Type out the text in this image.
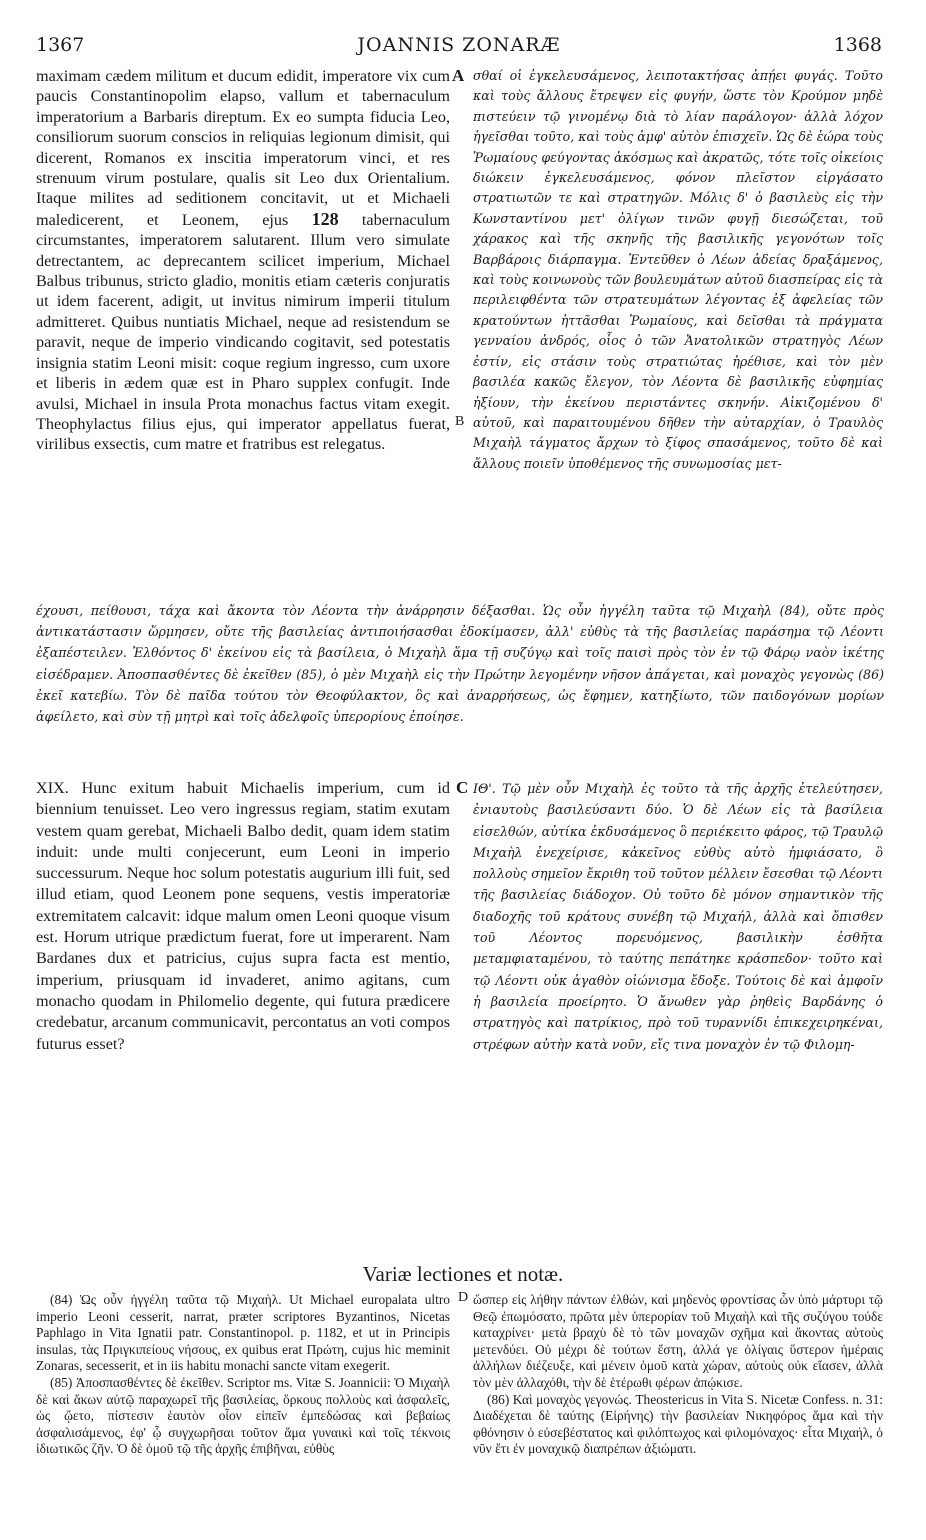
1367	JOANNIS ZONARÆ	1368
maximam cædem militum et ducum edidit, imperatore vix cum paucis Constantinopolim elapso, vallum et tabernaculum imperatorium a Barbaris direptum. Ex eo sumpta fiducia Leo, consiliorum suorum conscios in reliquias legionum dimisit, qui dicerent, Romanos ex inscitia imperatorum vinci, et res strenuum virum postulare, qualis sit Leo dux Orientalium. Itaque milites ad seditionem concitavit, ut et Michaeli maledicerent, et Leonem, ejus 128 tabernaculum circumstantes, imperatorem salutarent. Illum vero simulate detrectantem, ac deprecantem scilicet imperium, Michael Balbus tribunus, stricto gladio, monitis etiam cæteris conjuratis ut idem facerent, adigit, ut invitus nimirum imperii titulum admitteret. Quibus nuntiatis Michael, neque ad resistendum se paravit, neque de imperio vindicando cogitavit, sed potestatis insignia statim Leoni misit: coque regium ingresso, cum uxore et liberis in ædem quæ est in Pharo supplex confugit. Inde avulsi, Michael in insula Prota monachus factus vitam exegit. Theophylactus filius ejus, qui imperator appellatus fuerat, virilibus exsectis, cum matre et fratribus est relegatus.
A
B
C
D
σθαί οἱ ἐγκελευσάμενος, λειποτακτήσας ἀπῄει φυγάς. Τοῦτο καὶ τοὺς ἄλλους ἔτρεψεν εἰς φυγήν, ὥστε τὸν Κρούμον μηδὲ πιστεύειν τῷ γινομένῳ διὰ τὸ λίαν παράλογον· ἀλλὰ λόχον ἡγεῖσθαι τοῦτο, καὶ τοὺς ἀμφ' αὐτὸν ἐπισχεῖν. Ὡς δὲ ἑώρα τοὺς Ῥωμαίους φεύγοντας ἀκόσμως καὶ ἀκρατῶς, τότε τοῖς οἰκείοις διώκειν ἐγκελευσάμενος, φόνον πλεῖστον εἰργάσατο στρατιωτῶν τε καὶ στρατηγῶν. Μόλις δ' ὁ βασιλεὺς εἰς τὴν Κωνσταντίνου μετ' ὀλίγων τινῶν φυγῇ διεσώζεται, τοῦ χάρακος καὶ τῆς σκηνῆς τῆς βασιλικῆς γεγονότων τοῖς Βαρβάροις διάρπαγμα. Ἐντεῦθεν ὁ Λέων ἀδείας δραξάμενος, καὶ τοὺς κοινωνοὺς τῶν βουλευμάτων αὐτοῦ διασπείρας εἰς τὰ περιλειφθέντα τῶν στρατευμάτων λέγοντας ἐξ ἀφελείας τῶν κρατούντων ἡττᾶσθαι Ῥωμαίους, καὶ δεῖσθαι τὰ πράγματα γενναίου ἀνδρός, οἷος ὁ τῶν Ἀνατολικῶν στρατηγὸς Λέων ἐστίν, εἰς στάσιν τοὺς στρατιώτας ἠρέθισε, καὶ τὸν μὲν βασιλέα κακῶς ἔλεγον, τὸν Λέοντα δὲ βασιλικῆς εὐφημίας ἠξίουν, τὴν ἐκείνου περιστάντες σκηνήν. Αἰκιζομένου δ' αὐτοῦ, καὶ παραιτουμένου δῆθεν τὴν αὐταρχίαν, ὁ Τραυλὸς Μιχαὴλ τάγματος ἄρχων τὸ ξίφος σπασάμενος, τοῦτο δὲ καὶ ἄλλους ποιεῖν ὑποθέμενος τῆς συνωμοσίας μετ-
έχουσι, πείθουσι, τάχα καὶ ἄκοντα τὸν Λέοντα τὴν ἀνάρρησιν δέξασθαι. Ὡς οὖν ἠγγέλη ταῦτα τῷ Μιχαὴλ (84), οὔτε πρὸς ἀντικατάστασιν ὥρμησεν, οὔτε τῆς βασιλείας ἀντιποιήσασθαι ἐδοκίμασεν, ἀλλ' εὐθὺς τὰ τῆς βασιλείας παράσημα τῷ Λέοντι ἐξαπέστειλεν. Ἐλθόντος δ' ἐκείνου εἰς τὰ βασίλεια, ὁ Μιχαὴλ ἅμα τῇ συζύγῳ καὶ τοῖς παισὶ πρὸς τὸν ἐν τῷ Φάρῳ ναὸν ἱκέτης εἰσέδραμεν. Ἀποσπασθέντες δὲ ἐκεῖθεν (85), ὁ μὲν Μιχαὴλ εἰς τὴν Πρώτην λεγομένην νῆσον ἀπάγεται, καὶ μοναχὸς γεγονὼς (86) ἐκεῖ κατεβίω. Τὸν δὲ παῖδα τούτου τὸν Θεοφύλακτον, ὃς καὶ ἀναρρήσεως, ὡς ἔφημεν, κατηξίωτο, τῶν παιδογόνων μορίων ἀφείλετο, καὶ σὺν τῇ μητρὶ καὶ τοῖς ἀδελφοῖς ὑπερορίους ἐποίησε.
XIX. Hunc exitum habuit Michaelis imperium, cum id biennium tenuisset. Leo vero ingressus regiam, statim exutam vestem quam gerebat, Michaeli Balbo dedit, quam idem statim induit: unde multi conjecerunt, eum Leoni in imperio successurum. Neque hoc solum potestatis augurium illi fuit, sed illud etiam, quod Leonem pone sequens, vestis imperatoriæ extremitatem calcavit: idque malum omen Leoni quoque visum est. Horum utrique prædictum fuerat, fore ut imperarent. Nam Bardanes dux et patricius, cujus supra facta est mentio, imperium, priusquam id invaderet, animo agitans, cum monacho quodam in Philomelio degente, qui futura prædicere credebatur, arcanum communicavit, percontatus an voti compos futurus esset?
ΙΘ'. Τῷ μὲν οὖν Μιχαὴλ ἐς τοῦτο τὰ τῆς ἀρχῆς ἐτελεύτησεν, ἐνιαυτοὺς βασιλεύσαντι δύο. Ὁ δὲ Λέων εἰς τὰ βασίλεια εἰσελθών, αὐτίκα ἐκδυσάμενος ὃ περιέκειτο φάρος, τῷ Τραυλῷ Μιχαὴλ ἐνεχείρισε, κἀκεῖνος εὐθὺς αὐτὸ ἠμφιάσατο, ὃ πολλοὺς σημεῖον ἔκριθη τοῦ τοῦτον μέλλειν ἔσεσθαι τῷ Λέοντι τῆς βασιλείας διάδοχον. Οὐ τοῦτο δὲ μόνον σημαντικὸν τῆς διαδοχῆς τοῦ κράτους συνέβη τῷ Μιχαήλ, ἀλλὰ καὶ ὄπισθεν τοῦ Λέοντος πορευόμενος, βασιλικὴν ἐσθῆτα μεταμφιαταμένου, τὸ ταύτης πεπάτηκε κράσπεδον· τοῦτο καὶ τῷ Λέοντι οὐκ ἀγαθὸν οἰώνισμα ἔδοξε. Τούτοις δὲ καὶ ἀμφοῖν ἡ βασιλεία προείρητο. Ὁ ἄνωθεν γὰρ ῥηθεὶς Βαρδάνης ὁ στρατηγὸς καὶ πατρίκιος, πρὸ τοῦ τυραννίδι ἐπικεχειρηκέναι, στρέφων αὐτὴν κατὰ νοῦν, εἴς τινα μοναχὸν ἐν τῷ Φιλομη-
Variæ lectiones et notæ.

(84) Ὡς οὖν ἠγγέλη ταῦτα τῷ Μιχαὴλ. Ut Michael europalata ultro imperio Leoni cesserit, narrat, præter scriptores Byzantinos, Nicetas Paphlago in Vita Ignatii patr. Constantinopol. p. 1182, et ut in Principis insulas, τὰς Πριγκιπείους νήσους, ex quibus erat Πρώτη, cujus hic meminit Zonaras, secesserit, et in iis habitu monachi sancte vitam exegerit.

(85) Ἀποσπασθέντες δὲ ἐκεῖθεν. Scriptor ms. Vitæ S. Joannicii: Ὁ Μιχαὴλ δὲ καὶ ἄκων αὐτῷ παραχωρεῖ τῆς βασιλείας, ὅρκους πολλοὺς καὶ ἀσφαλεῖς, ὡς ᾤετο, πίστεσιν ἑαυτὸν οἷον εἰπεῖν ἐμπεδώσας καὶ βεβαίως ἀσφαλισάμενος, ἐφ' ᾧ συγχωρῆσαι τοῦτον ἅμα γυναικὶ καὶ τοῖς τέκνοις ἰδιωτικῶς ζῆν. Ὁ δὲ ὁμοῦ τῷ τῆς ἀρχῆς ἐπιβῆναι, εὐθὺς

ὥσπερ εἰς λήθην πάντων ἐλθών, καὶ μηδενὸς φροντίσας ὧν ὑπὸ μάρτυρι τῷ Θεῷ ἐπωμόσατο, πρῶτα μὲν ὑπερορίαν τοῦ Μιχαὴλ καὶ τῆς συζύγου τούδε καταχρίνει· μετὰ βραχὺ δὲ τὸ τῶν μοναχῶν σχῆμα καὶ ἄκοντας αὐτοὺς μετενδύει. Οὐ μέχρι δὲ τούτων ἔστη, ἀλλά γε ὀλίγαις ὕστερον ἡμέραις ἀλλήλων διέζευξε, καὶ μένειν ὁμοῦ κατὰ χώραν, αὐτοὺς οὐκ εἴασεν, ἀλλὰ τὸν μὲν ἀλλαχόθι, τὴν δὲ ἑτέρωθι φέρων ἀπῴκισε.

(86) Καὶ μοναχὸς γεγονώς. Theostericus in Vita S. Nicetæ Confess. n. 31: Διαδέχεται δὲ ταύτης (Εἰρήνης) τὴν βασιλείαν Νικηφόρος ἅμα καὶ τὴν φθόνησιν ὁ εὐσεβέστατος καὶ φιλόπτωχος καὶ φιλομόναχος· εἶτα Μιχαήλ, ὁ νῦν ἔτι ἐν μοναχικῷ διαπρέπων ἀξιώματι.
